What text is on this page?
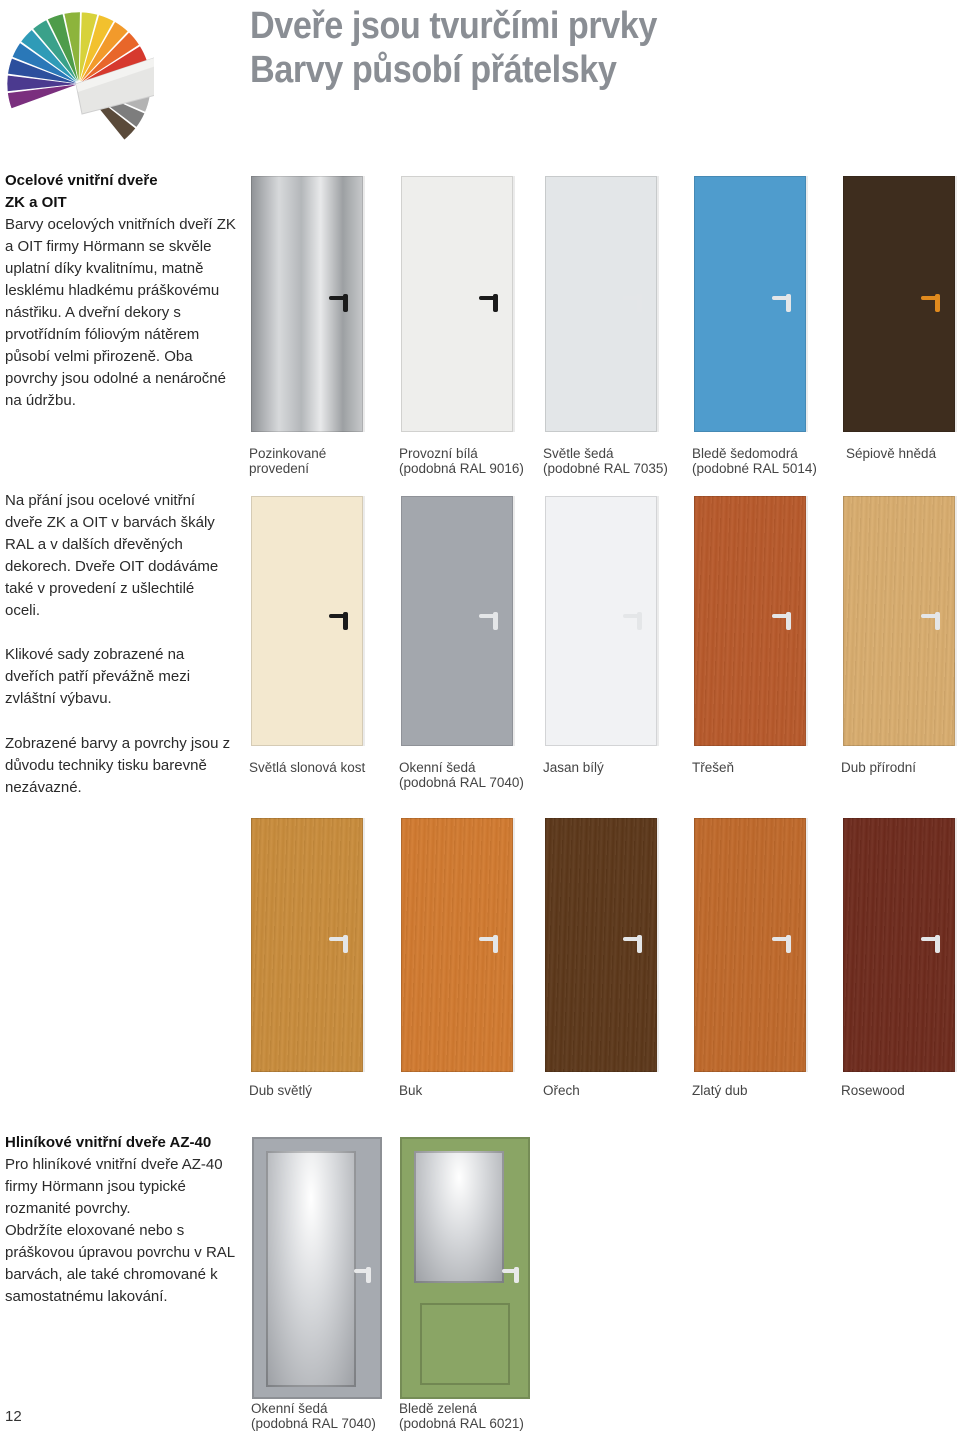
Dveře jsou tvurčími prvky
Barvy působí přátelsky
Ocelové vnitřní dveře
ZK a OIT
Barvy ocelových vnitřních dveří ZK a OIT firmy Hörmann se skvěle uplatní díky kvalitnímu, matně lesklému hladkému práškovému nástřiku. A dveřní dekory s prvotřídním fóliovým nátěrem působí velmi přirozeně. Oba povrchy jsou odolné a nenáročné na údržbu.
Na přání jsou ocelové vnitřní dveře ZK a OIT v barvách škály RAL a v dalších dřevěných dekorech. Dveře OIT dodáváme také v provedení z ušlechtilé oceli.
Klikové sady zobrazené na dveřích patří převážně mezi zvláštní výbavu.
Zobrazené barvy a povrchy jsou z důvodu techniky tisku barevně nezávazné.
Hliníkové vnitřní dveře AZ-40
Pro hliníkové vnitřní dveře AZ-40 firmy Hörmann jsou typické rozmanité povrchy.
Obdržíte eloxované nebo s práškovou úpravou povrchu v RAL barvách, ale také chromované k samostatnému lakování.
Pozinkované
provedení
Provozní bílá
(podobná RAL 9016)
Světle šedá
(podobné RAL 7035)
Bledě šedomodrá
(podobné RAL 5014)
Sépiově hnědá
Světlá slonová kost	Okenní šedá
(podobná RAL 7040)
Jasan bílý	Třešeň	Dub přírodní
Dub světlý	Buk	Ořech	Zlatý dub	Rosewood
Okenní šedá
(podobná RAL 7040)
Bledě zelená
(podobná RAL 6021)
12
